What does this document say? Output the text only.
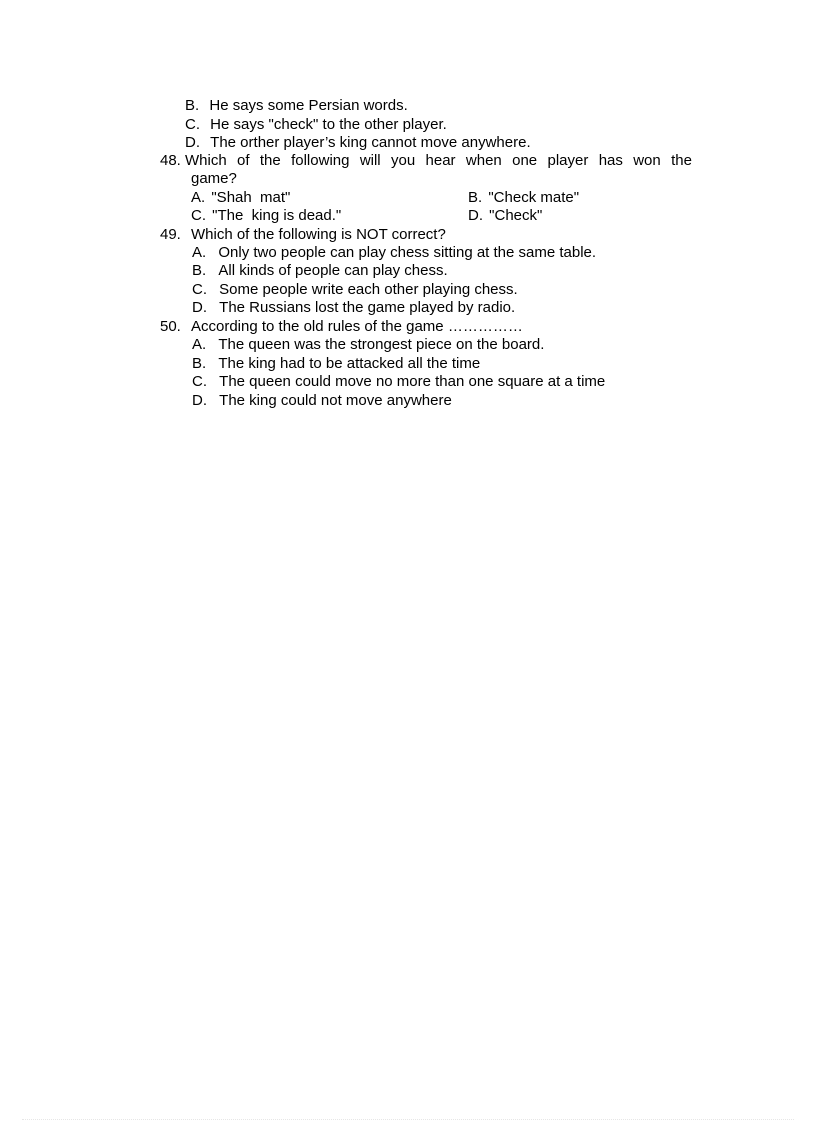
B. He says some Persian words.
C. He says "check" to the other player.
D. The orther player’s king cannot move anywhere.
48. Which of the following will you hear when one player has won the
game?
A. "Shah  mat"	B. "Check mate"
C. "The  king is dead."	D. "Check"
49. Which of the following is NOT correct?
A. Only two people can play chess sitting at the same table.
B. All kinds of people can play chess.
C. Some people write each other playing chess.
D. The Russians lost the game played by radio.
50. According to the old rules of the game ……………
A. The queen was the strongest piece on the board.
B. The king had to be attacked all the time
C. The queen could move no more than one square at a time
D. The king could not move anywhere
